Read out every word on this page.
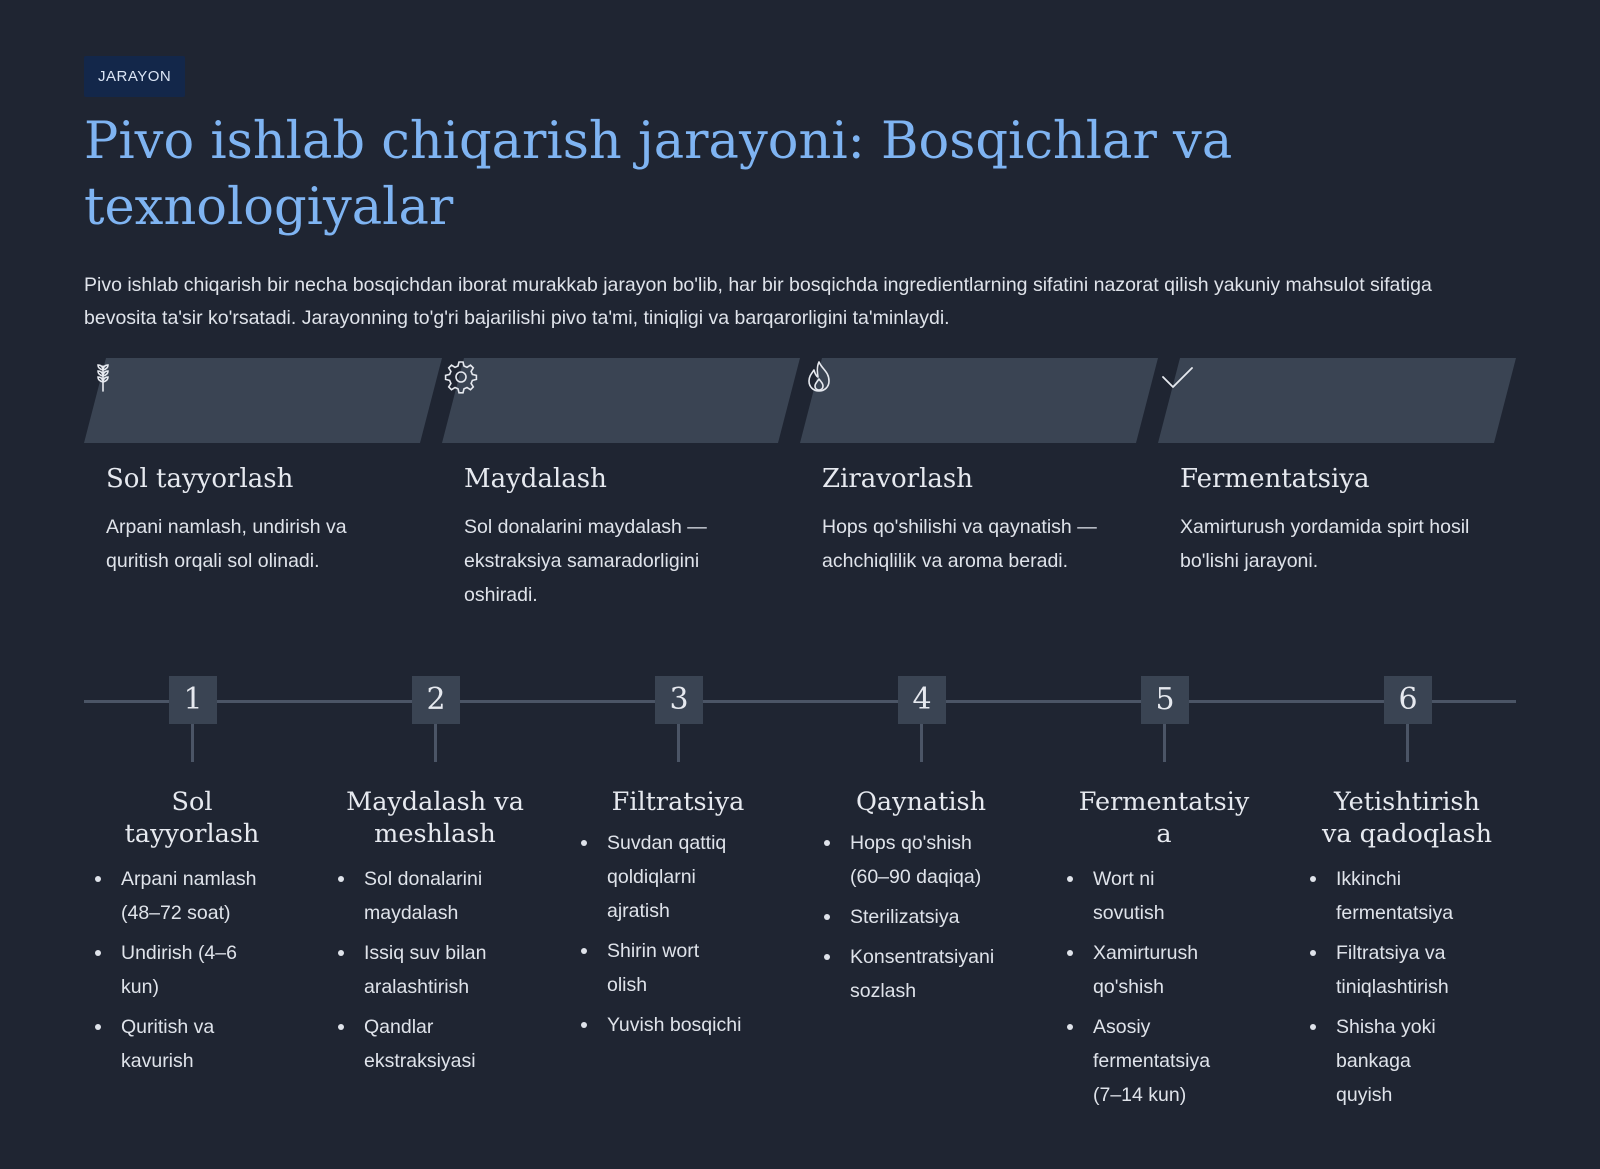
JARAYON
Pivo ishlab chiqarish jarayoni: Bosqichlar va texnologiyalar

Pivo ishlab chiqarish bir necha bosqichdan iborat murakkab jarayon bo'lib, har bir bosqichda ingredientlarning sifatini nazorat qilish yakuniy mahsulot sifatiga bevosita ta'sir ko'rsatadi. Jarayonning to'g'ri bajarilishi pivo ta'mi, tiniqligi va barqarorligini ta'minlaydi.

Sol tayyorlash
Arpani namlash, undirish va quritish orqali sol olinadi.
Maydalash
Sol donalarini maydalash — ekstraksiya samaradorligini oshiradi.
Ziravorlash
Hops qo'shilishi va qaynatish — achchiqlilik va aroma beradi.
Fermentatsiya
Xamirturush yordamida spirt hosil bo'lishi jarayoni.
1	2	3	4	5	6
Sol tayyorlash
Arpani namlash (48–72 soat)
Undirish (4–6 kun)
Quritish va kavurish
Maydalash va meshlash
Sol donalarini maydalash
Issiq suv bilan aralashtirish
Qandlar ekstraksiyasi
Filtratsiya
Suvdan qattiq qoldiqlarni ajratish
Shirin wort olish
Yuvish bosqichi
Qaynatish
Hops qo'shish (60–90 daqiqa)
Sterilizatsiya
Konsentratsiyani sozlash
Fermentatsiya
Wort ni sovutish
Xamirturush qo'shish
Asosiy fermentatsiya (7–14 kun)
Yetishtirish va qadoqlash
Ikkinchi fermentatsiya
Filtratsiya va tiniqlashtirish
Shisha yoki bankaga quyish
